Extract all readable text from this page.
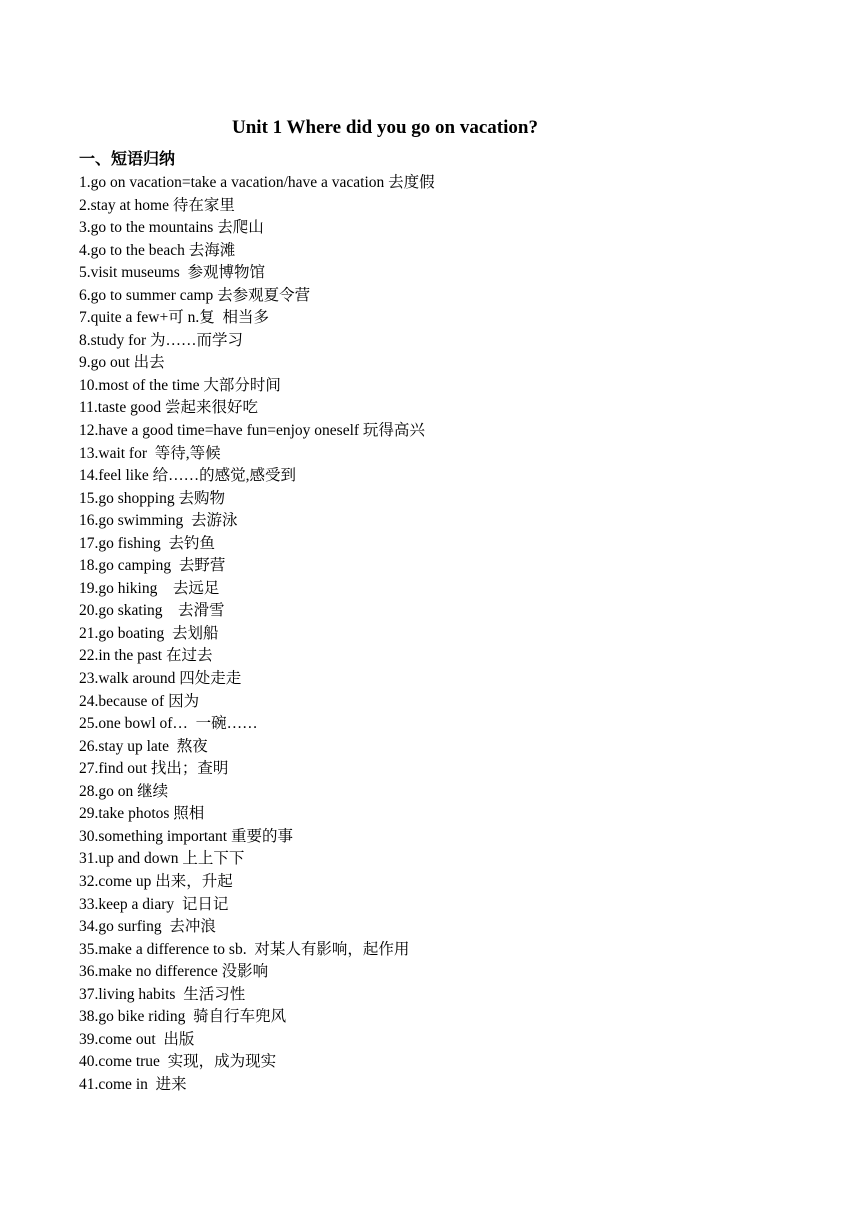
Unit 1 Where did you go on vacation?
一、短语归纳
1.go on vacation=take a vacation/have a vacation 去度假
2.stay at home 待在家里
3.go to the mountains 去爬山
4.go to the beach 去海滩
5.visit museums  参观博物馆
6.go to summer camp 去参观夏令营
7.quite a few+可 n.复  相当多
8.study for 为……而学习
9.go out 出去
10.most of the time 大部分时间
11.taste good 尝起来很好吃
12.have a good time=have fun=enjoy oneself 玩得高兴
13.wait for  等待,等候
14.feel like 给……的感觉,感受到
15.go shopping 去购物
16.go swimming  去游泳
17.go fishing  去钓鱼
18.go camping  去野营
19.go hiking    去远足
20.go skating    去滑雪
21.go boating  去划船
22.in the past 在过去
23.walk around 四处走走
24.because of 因为
25.one bowl of…  一碗……
26.stay up late  熬夜
27.find out 找出；查明
28.go on 继续
29.take photos 照相
30.something important 重要的事
31.up and down 上上下下
32.come up 出来，升起
33.keep a diary  记日记
34.go surfing  去冲浪
35.make a difference to sb.  对某人有影响，起作用
36.make no difference 没影响
37.living habits  生活习性
38.go bike riding  骑自行车兜风
39.come out  出版
40.come true  实现，成为现实
41.come in  进来
